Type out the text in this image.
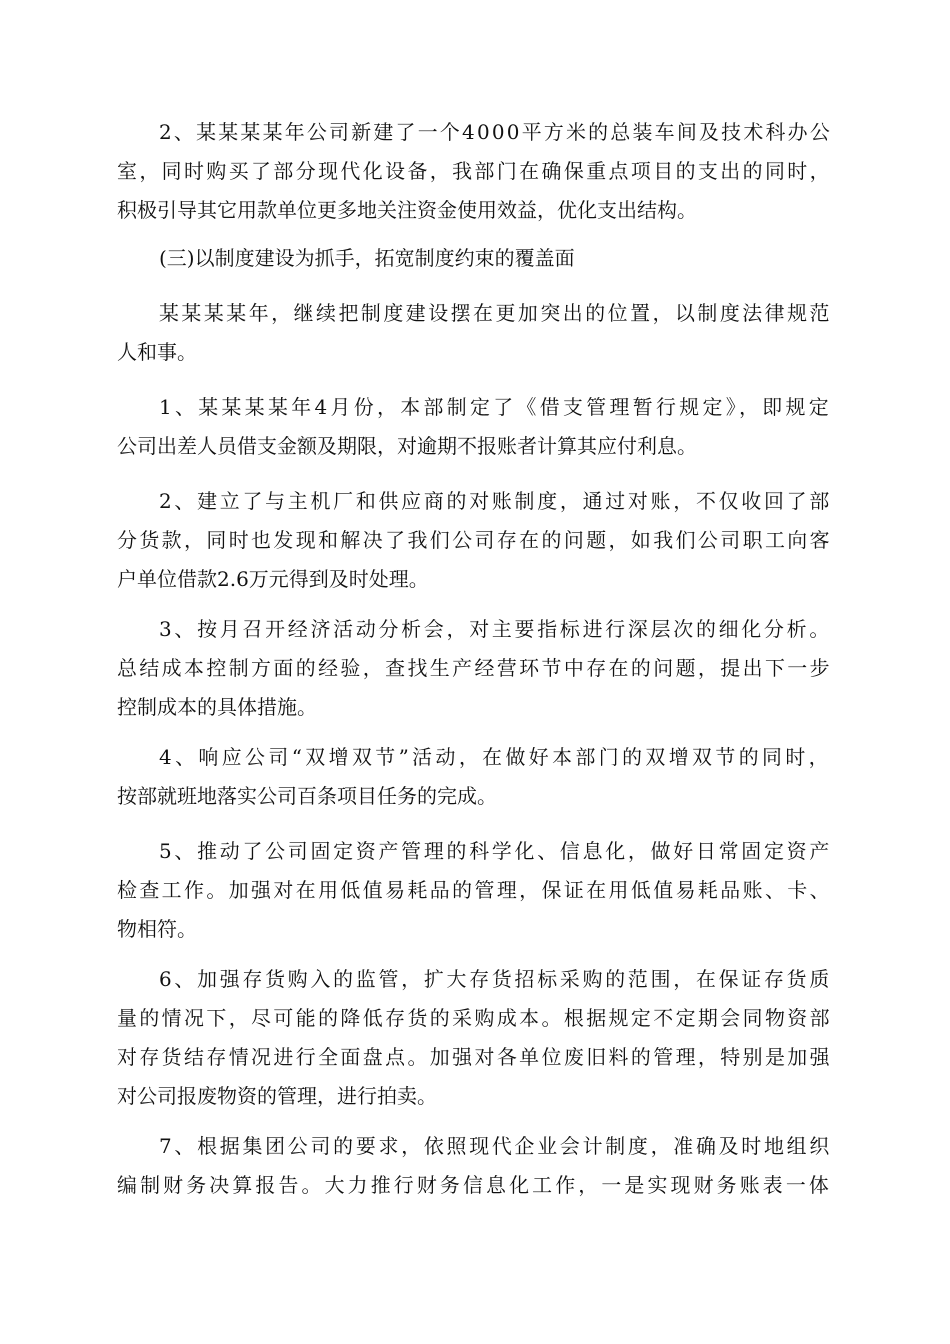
2、某某某某年公司新建了一个4000平方米的总装车间及技术科办公
室，同时购买了部分现代化设备，我部门在确保重点项目的支出的同时，
积极引导其它用款单位更多地关注资金使用效益，优化支出结构。
(三)以制度建设为抓手，拓宽制度约束的覆盖面
某某某某年，继续把制度建设摆在更加突出的位置，以制度法律规范
人和事。
1、某某某某年4月份，本部制定了《借支管理暂行规定》，即规定
公司出差人员借支金额及期限，对逾期不报账者计算其应付利息。
2、建立了与主机厂和供应商的对账制度，通过对账，不仅收回了部
分货款，同时也发现和解决了我们公司存在的问题，如我们公司职工向客
户单位借款2.6万元得到及时处理。
3、按月召开经济活动分析会，对主要指标进行深层次的细化分析。
总结成本控制方面的经验，查找生产经营环节中存在的问题，提出下一步
控制成本的具体措施。
4、响应公司“双增双节”活动，在做好本部门的双增双节的同时，
按部就班地落实公司百条项目任务的完成。
5、推动了公司固定资产管理的科学化、信息化，做好日常固定资产
检查工作。加强对在用低值易耗品的管理，保证在用低值易耗品账、卡、
物相符。
6、加强存货购入的监管，扩大存货招标采购的范围，在保证存货质
量的情况下，尽可能的降低存货的采购成本。根据规定不定期会同物资部
对存货结存情况进行全面盘点。加强对各单位废旧料的管理，特别是加强
对公司报废物资的管理，进行拍卖。
7、根据集团公司的要求，依照现代企业会计制度，准确及时地组织
编制财务决算报告。大力推行财务信息化工作，一是实现财务账表一体
